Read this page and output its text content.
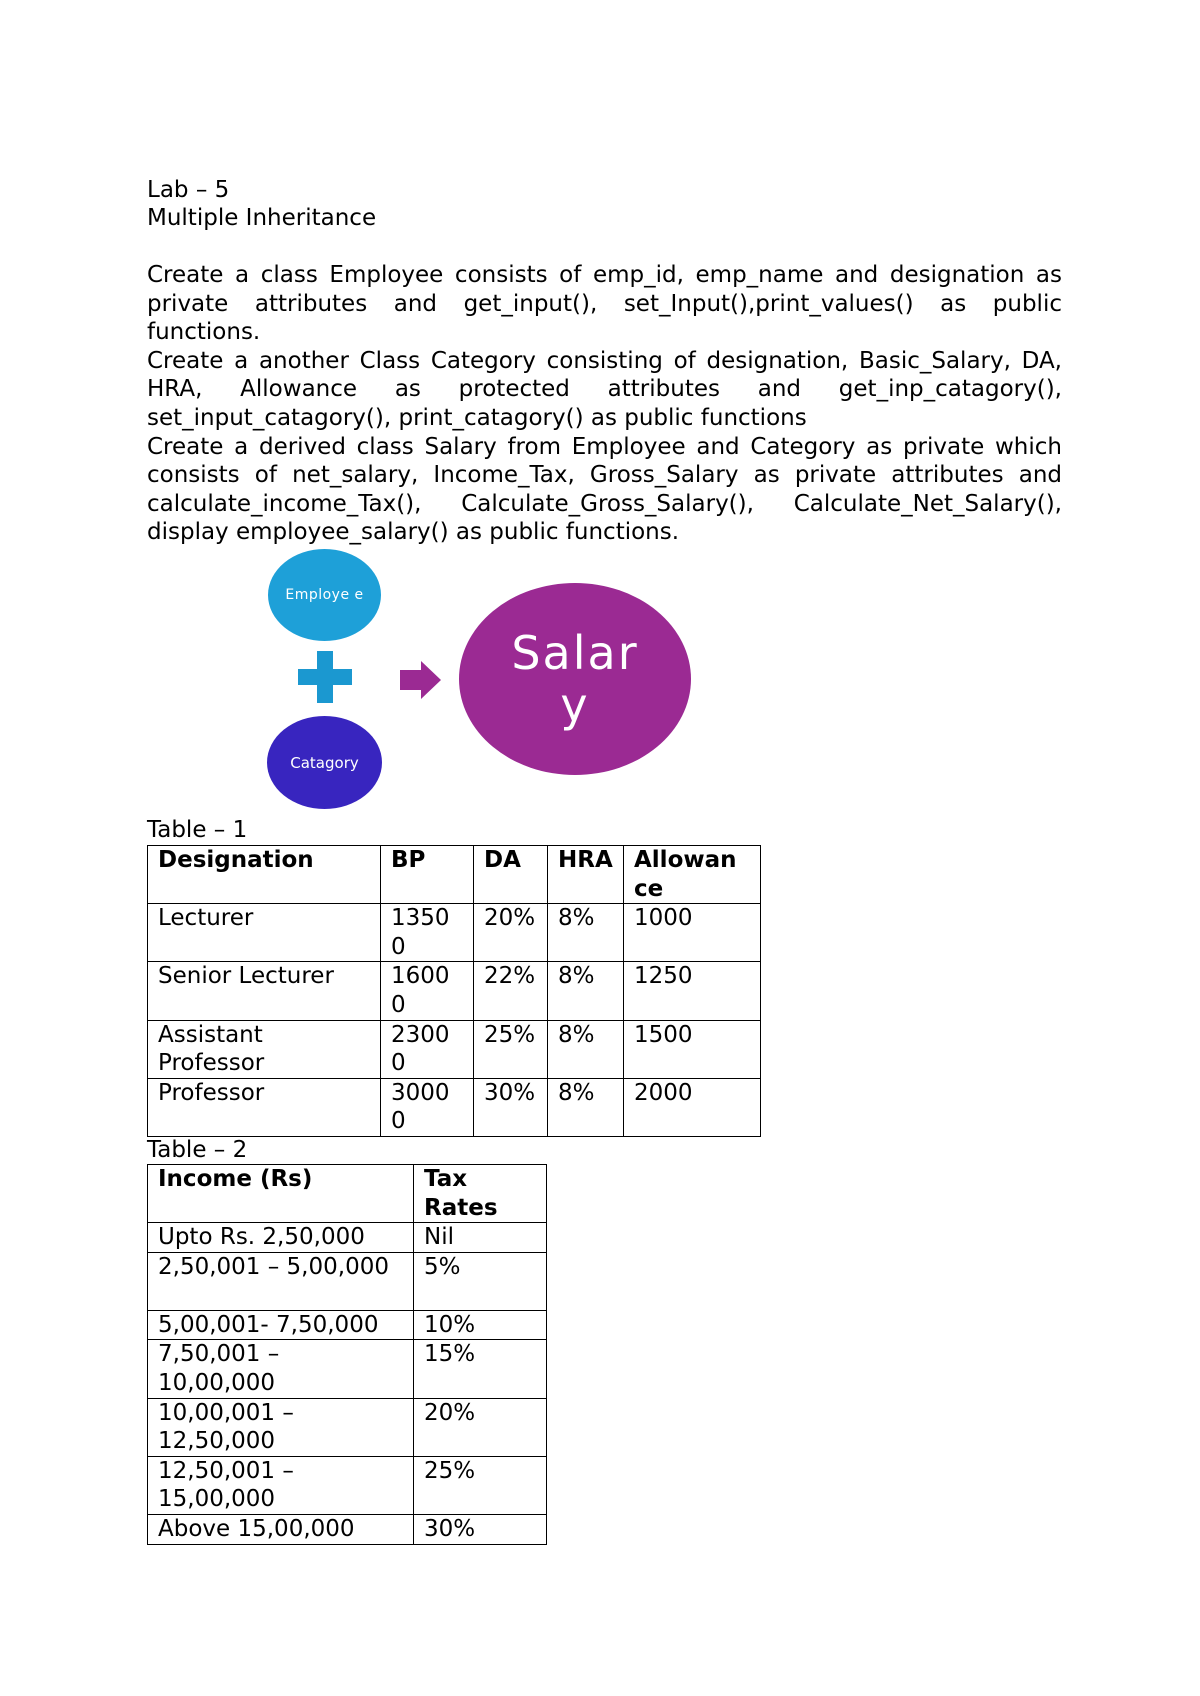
Lab – 5

Multiple Inheritance

Create a class Employee consists of emp_id, emp_name and designation as private attributes and get_input(), set_Input(),print_values() as public functions.

Create a another Class Category consisting of designation, Basic_Salary, DA, HRA, Allowance as protected attributes and get_inp_catagory(), set_input_catagory(), print_catagory() as public functions

Create a derived class Salary from Employee and Category as private which consists of net_salary, Income_Tax, Gross_Salary as private attributes and calculate_income_Tax(), Calculate_Gross_Salary(), Calculate_Net_Salary(), display employee_salary() as public functions.

Employe e
Catagory
Salar y

Table – 1

Designation	BP	DA	HRA	Allowance
Lecturer	13500	20%	8%	1000
Senior Lecturer	16000	22%	8%	1250
Assistant Professor	23000	25%	8%	1500
Professor	30000	30%	8%	2000

Table – 2

Income (Rs)	Tax Rates
Upto Rs. 2,50,000	Nil
2,50,001 – 5,00,000	5%
5,00,001- 7,50,000	10%
7,50,001 – 10,00,000	15%
10,00,001 – 12,50,000	20%
12,50,001 – 15,00,000	25%
Above 15,00,000	30%
